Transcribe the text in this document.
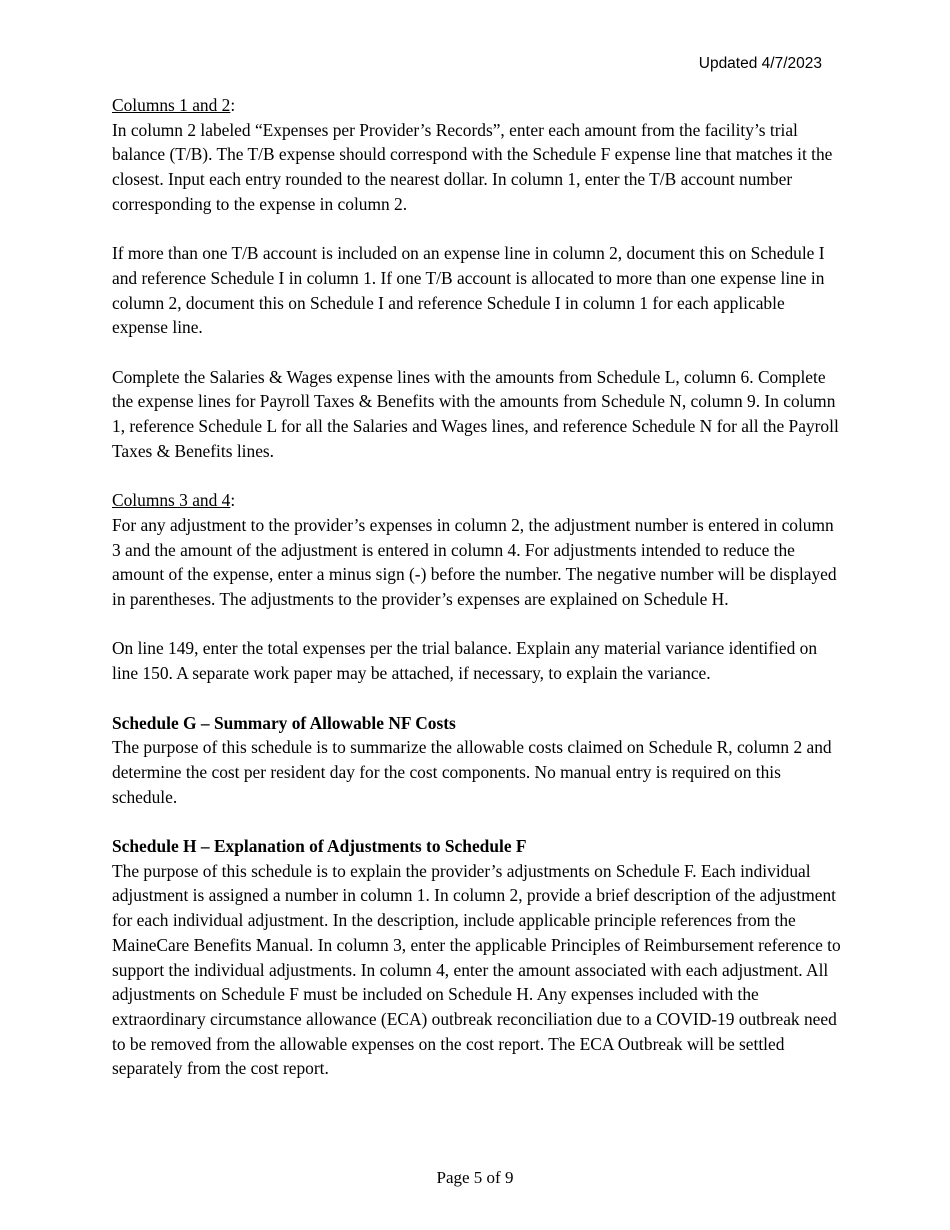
Updated 4/7/2023
Columns 1 and 2:

In column 2 labeled “Expenses per Provider’s Records”, enter each amount from the facility’s trial balance (T/B). The T/B expense should correspond with the Schedule F expense line that matches it the closest. Input each entry rounded to the nearest dollar. In column 1, enter the T/B account number corresponding to the expense in column 2.

If more than one T/B account is included on an expense line in column 2, document this on Schedule I and reference Schedule I in column 1. If one T/B account is allocated to more than one expense line in column 2, document this on Schedule I and reference Schedule I in column 1 for each applicable expense line.

Complete the Salaries & Wages expense lines with the amounts from Schedule L, column 6. Complete the expense lines for Payroll Taxes & Benefits with the amounts from Schedule N, column 9. In column 1, reference Schedule L for all the Salaries and Wages lines, and reference Schedule N for all the Payroll Taxes & Benefits lines.

Columns 3 and 4:

For any adjustment to the provider’s expenses in column 2, the adjustment number is entered in column 3 and the amount of the adjustment is entered in column 4. For adjustments intended to reduce the amount of the expense, enter a minus sign (-) before the number. The negative number will be displayed in parentheses. The adjustments to the provider’s expenses are explained on Schedule H.

On line 149, enter the total expenses per the trial balance. Explain any material variance identified on line 150. A separate work paper may be attached, if necessary, to explain the variance.

Schedule G – Summary of Allowable NF Costs

The purpose of this schedule is to summarize the allowable costs claimed on Schedule R, column 2 and determine the cost per resident day for the cost components. No manual entry is required on this schedule.

Schedule H – Explanation of Adjustments to Schedule F

The purpose of this schedule is to explain the provider’s adjustments on Schedule F. Each individual adjustment is assigned a number in column 1. In column 2, provide a brief description of the adjustment for each individual adjustment. In the description, include applicable principle references from the MaineCare Benefits Manual. In column 3, enter the applicable Principles of Reimbursement reference to support the individual adjustments. In column 4, enter the amount associated with each adjustment. All adjustments on Schedule F must be included on Schedule H. Any expenses included with the extraordinary circumstance allowance (ECA) outbreak reconciliation due to a COVID-19 outbreak need to be removed from the allowable expenses on the cost report. The ECA Outbreak will be settled separately from the cost report.

Page 5 of 9
